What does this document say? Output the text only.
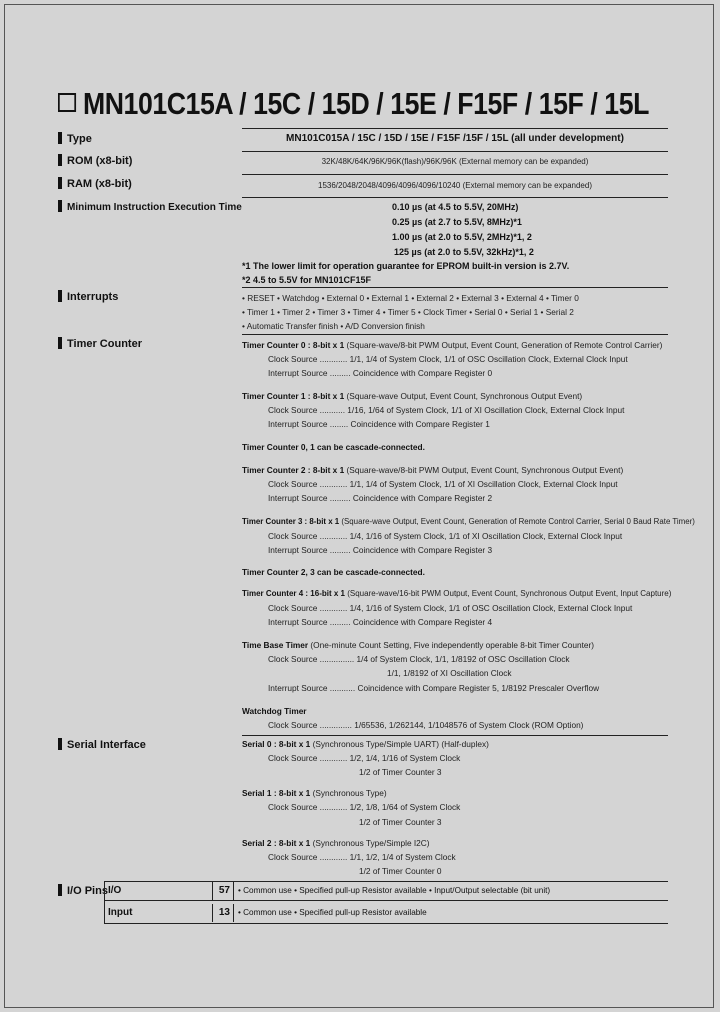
MN101C15A / 15C / 15D / 15E / F15F / 15F / 15L
Type	MN101C015A / 15C / 15D / 15E / F15F /15F / 15L (all under development)
ROM (x8-bit)	32K/48K/64K/96K/96K(flash)/96K/96K (External memory can be expanded)
RAM (x8-bit)	1536/2048/2048/4096/4096/4096/10240 (External memory can be expanded)
Minimum Instruction Execution Time	0.10 µs (at 4.5 to 5.5V, 20MHz)
0.25 µs (at 2.7 to 5.5V, 8MHz)*1
1.00 µs (at 2.0 to 5.5V, 2MHz)*1, 2
125 µs (at 2.0 to 5.5V, 32kHz)*1, 2
*1 The lower limit for operation guarantee for EPROM built-in version is 2.7V.
*2 4.5 to 5.5V for MN101CF15F
Interrupts	• RESET • Watchdog • External 0 • External 1 • External 2 • External 3 • External 4 • Timer 0
• Timer 1 • Timer 2 • Timer 3 • Timer 4 • Timer 5 • Clock Timer • Serial 0 • Serial 1 • Serial 2
• Automatic Transfer finish • A/D Conversion finish
Timer Counter	Timer Counter 0 : 8-bit x 1 (Square-wave/8-bit PWM Output, Event Count, Generation of Remote Control Carrier)
Clock Source ............ 1/1, 1/4 of System Clock, 1/1 of OSC Oscillation Clock, External Clock Input
Interrupt Source ......... Coincidence with Compare Register 0
Timer Counter 1 : 8-bit x 1 (Square-wave Output, Event Count, Synchronous Output Event)
Clock Source ........... 1/16, 1/64 of System Clock, 1/1 of XI Oscillation Clock, External Clock Input
Interrupt Source ........ Coincidence with Compare Register 1
Timer Counter 0, 1 can be cascade-connected.
Timer Counter 2 : 8-bit x 1 (Square-wave/8-bit PWM Output, Event Count, Synchronous Output Event)
Clock Source ............ 1/1, 1/4 of System Clock, 1/1 of XI Oscillation Clock, External Clock Input
Interrupt Source ......... Coincidence with Compare Register 2
Timer Counter 3 : 8-bit x 1 (Square-wave Output, Event Count, Generation of Remote Control Carrier, Serial 0 Baud Rate Timer)
Clock Source ............ 1/4, 1/16 of System Clock, 1/1 of XI Oscillation Clock, External Clock Input
Interrupt Source ......... Coincidence with Compare Register 3
Timer Counter 2, 3 can be cascade-connected.
Timer Counter 4 : 16-bit x 1 (Square-wave/16-bit PWM Output, Event Count, Synchronous Output Event, Input Capture)
Clock Source ............ 1/4, 1/16 of System Clock, 1/1 of OSC Oscillation Clock, External Clock Input
Interrupt Source ......... Coincidence with Compare Register 4
Time Base Timer (One-minute Count Setting, Five independently operable 8-bit Timer Counter)
Clock Source ............... 1/4 of System Clock, 1/1, 1/8192 of OSC Oscillation Clock
1/1, 1/8192 of XI Oscillation Clock
Interrupt Source ........... Coincidence with Compare Register 5, 1/8192 Prescaler Overflow
Watchdog Timer
Clock Source .............. 1/65536, 1/262144, 1/1048576 of System Clock (ROM Option)
Serial Interface	Serial 0 : 8-bit x 1 (Synchronous Type/Simple UART) (Half-duplex)
Clock Source ............ 1/2, 1/4, 1/16 of System Clock
1/2 of Timer Counter 3
Serial 1 : 8-bit x 1 (Synchronous Type)
Clock Source ............ 1/2, 1/8, 1/64 of System Clock
1/2 of Timer Counter 3
Serial 2 : 8-bit x 1 (Synchronous Type/Simple I2C)
Clock Source ............ 1/1, 1/2, 1/4 of System Clock
1/2 of Timer Counter 0
I/O Pins I/O	57 • Common use • Specified pull-up Resistor available • Input/Output selectable (bit unit)
Input	13 • Common use • Specified pull-up Resistor available
